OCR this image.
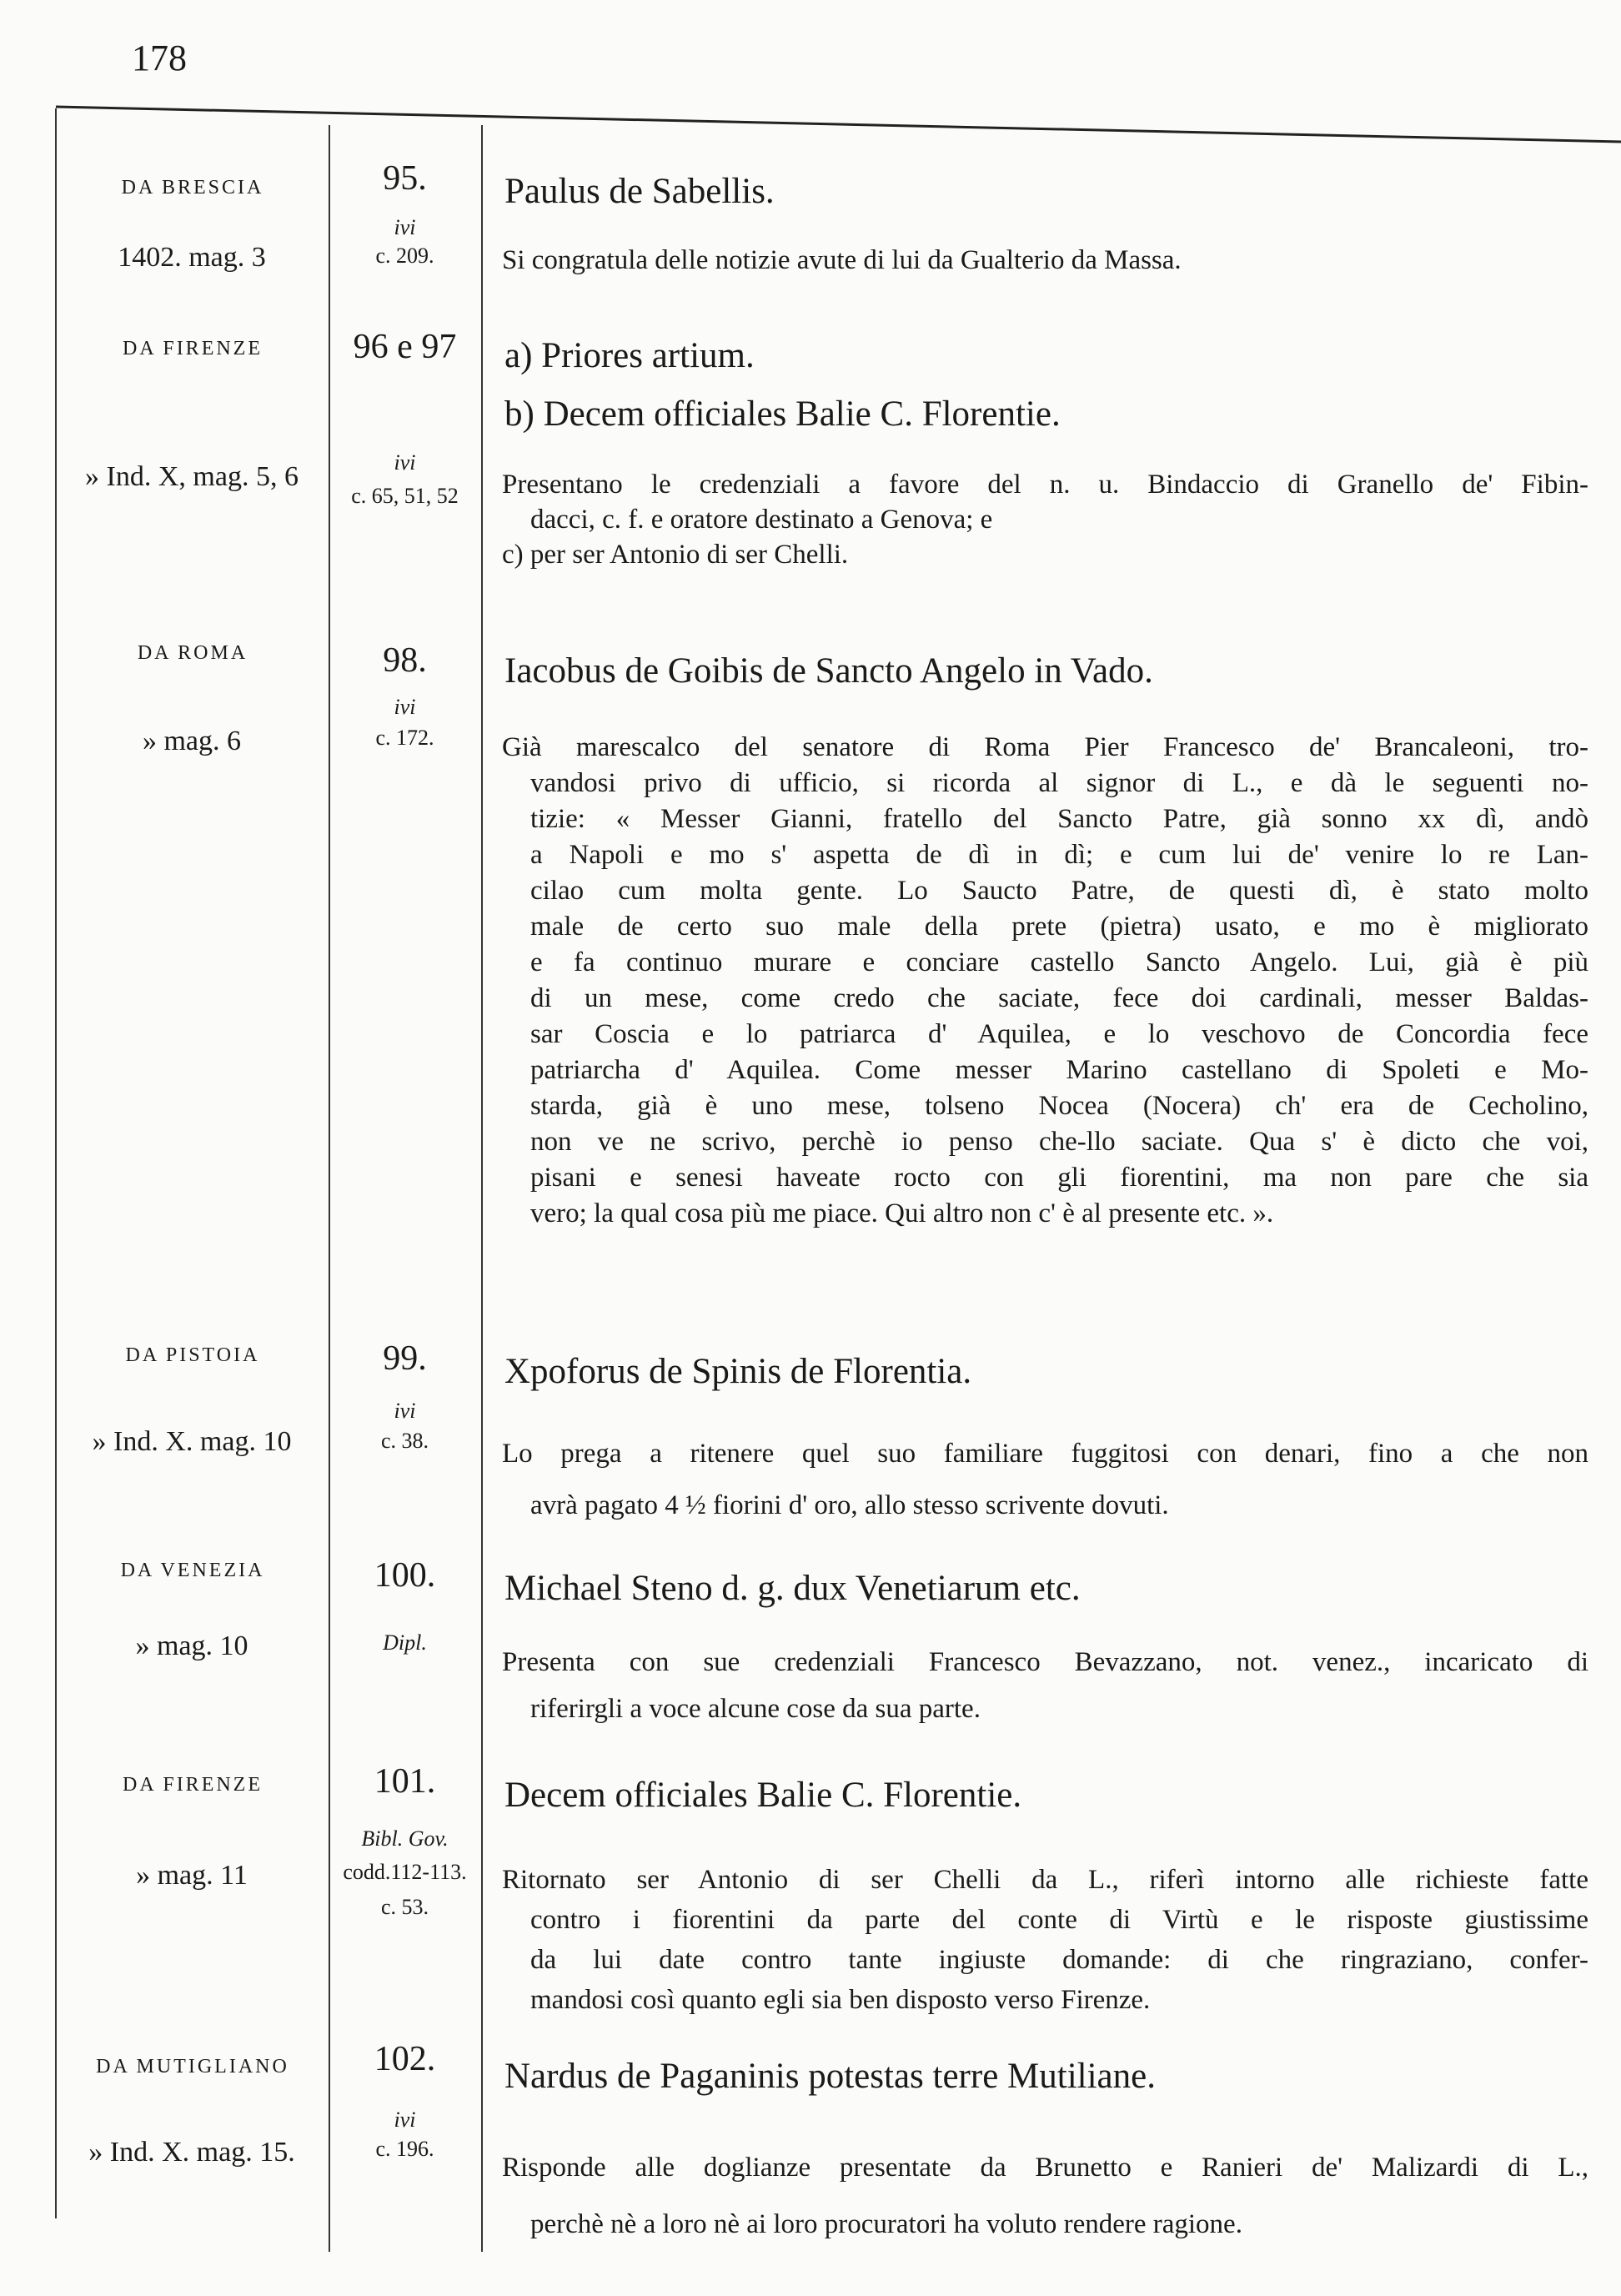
178
DA BRESCIA
1402. mag. 3
95.
ivi
c. 209.
Paulus de Sabellis.
Si congratula delle notizie avute di lui da Gualterio da Massa.
DA FIRENZE
» Ind. X, mag. 5, 6
96 e 97
ivi
c. 65, 51, 52
a) Priores artium.
b) Decem officiales Balie C. Florentie.
Presentano le credenziali a favore del n. u. Bindaccio di Granello de' Fibin-
dacci, c. f. e oratore destinato a Genova; e
c) per ser Antonio di ser Chelli.
DA ROMA
» mag. 6
98.
ivi
c. 172.
Iacobus de Goibis de Sancto Angelo in Vado.
Già marescalco del senatore di Roma Pier Francesco de' Brancaleoni, tro-
vandosi privo di ufficio, si ricorda al signor di L., e dà le seguenti no-
tizie: « Messer Gianni, fratello del Sancto Patre, già sonno xx dì, andò
a Napoli e mo s' aspetta de dì in dì; e cum lui de' venire lo re Lan-
cilao cum molta gente. Lo Saucto Patre, de questi dì, è stato molto
male de certo suo male della prete (pietra) usato, e mo è migliorato
e fa continuo murare e conciare castello Sancto Angelo. Lui, già è più
di un mese, come credo che saciate, fece doi cardinali, messer Baldas-
sar Coscia e lo patriarca d' Aquilea, e lo veschovo de Concordia fece
patriarcha d' Aquilea. Come messer Marino castellano di Spoleti e Mo-
starda, già è uno mese, tolseno Nocea (Nocera) ch' era de Cecholino,
non ve ne scrivo, perchè io penso che-llo saciate. Qua s' è dicto che voi,
pisani e senesi haveate rocto con gli fiorentini, ma non pare che sia
vero; la qual cosa più me piace. Qui altro non c' è al presente etc. ».
DA PISTOIA
» Ind. X. mag. 10
99.
ivi
c. 38.
Xpoforus de Spinis de Florentia.
Lo prega a ritenere quel suo familiare fuggitosi con denari, fino a che non
avrà pagato 4 ½ fiorini d' oro, allo stesso scrivente dovuti.
DA VENEZIA
» mag. 10
100.
Dipl.
Michael Steno d. g. dux Venetiarum etc.
Presenta con sue credenziali Francesco Bevazzano, not. venez., incaricato di
riferirgli a voce alcune cose da sua parte.
DA FIRENZE
» mag. 11
101.
Bibl. Gov.
codd.112-113.
c. 53.
Decem officiales Balie C. Florentie.
Ritornato ser Antonio di ser Chelli da L., riferì intorno alle richieste fatte
contro i fiorentini da parte del conte di Virtù e le risposte giustissime
da lui date contro tante ingiuste domande: di che ringraziano, confer-
mandosi così quanto egli sia ben disposto verso Firenze.
DA MUTIGLIANO
» Ind. X. mag. 15.
102.
ivi
c. 196.
Nardus de Paganinis potestas terre Mutiliane.
Risponde alle doglianze presentate da Brunetto e Ranieri de' Malizardi di L.,
perchè nè a loro nè ai loro procuratori ha voluto rendere ragione.
